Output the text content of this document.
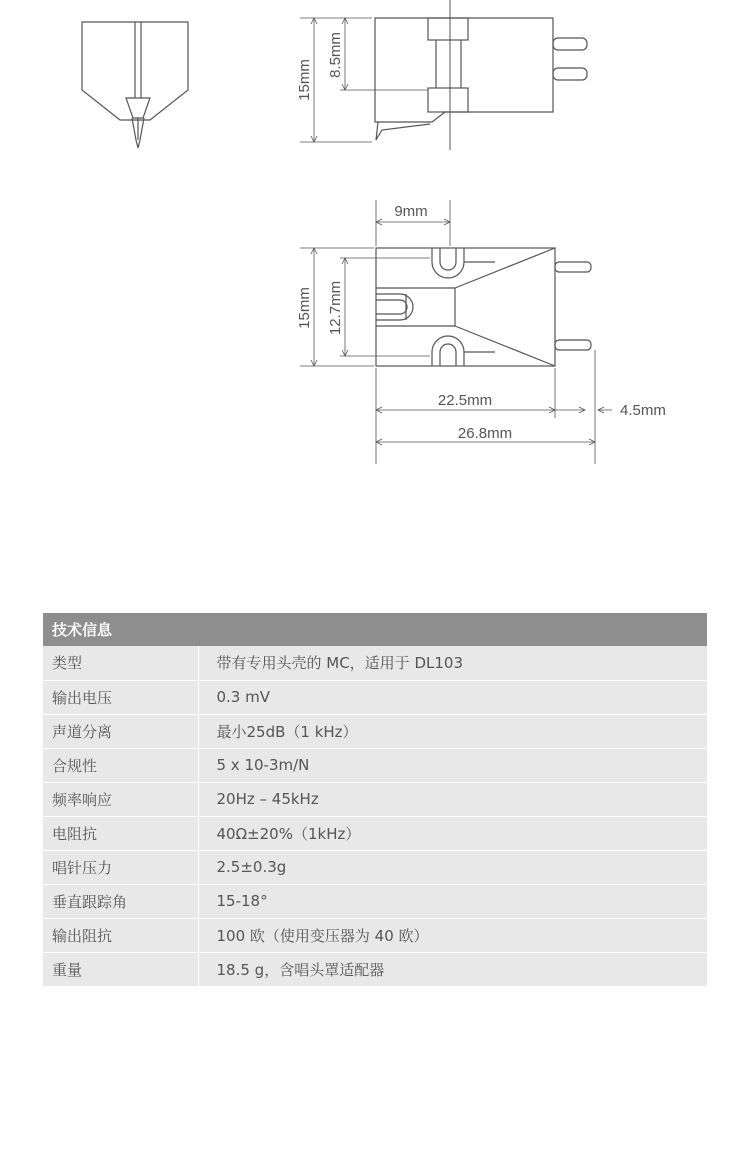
15mm
8.5mm
9mm
15mm 12.7mm
22.5mm
26.8mm
4.5mm
技术信息	
类型	带有专用头壳的 MC，适用于 DL103
输出电压	0.3 mV
声道分离	最小25dB（1 kHz）
合规性	5 x 10-3m/N
频率响应	20Hz – 45kHz
电阻抗	40Ω±20%（1kHz）
唱针压力	2.5±0.3g
垂直跟踪角	15-18°
输出阻抗	100 欧（使用变压器为 40 欧）
重量	18.5 g，含唱头罩适配器
